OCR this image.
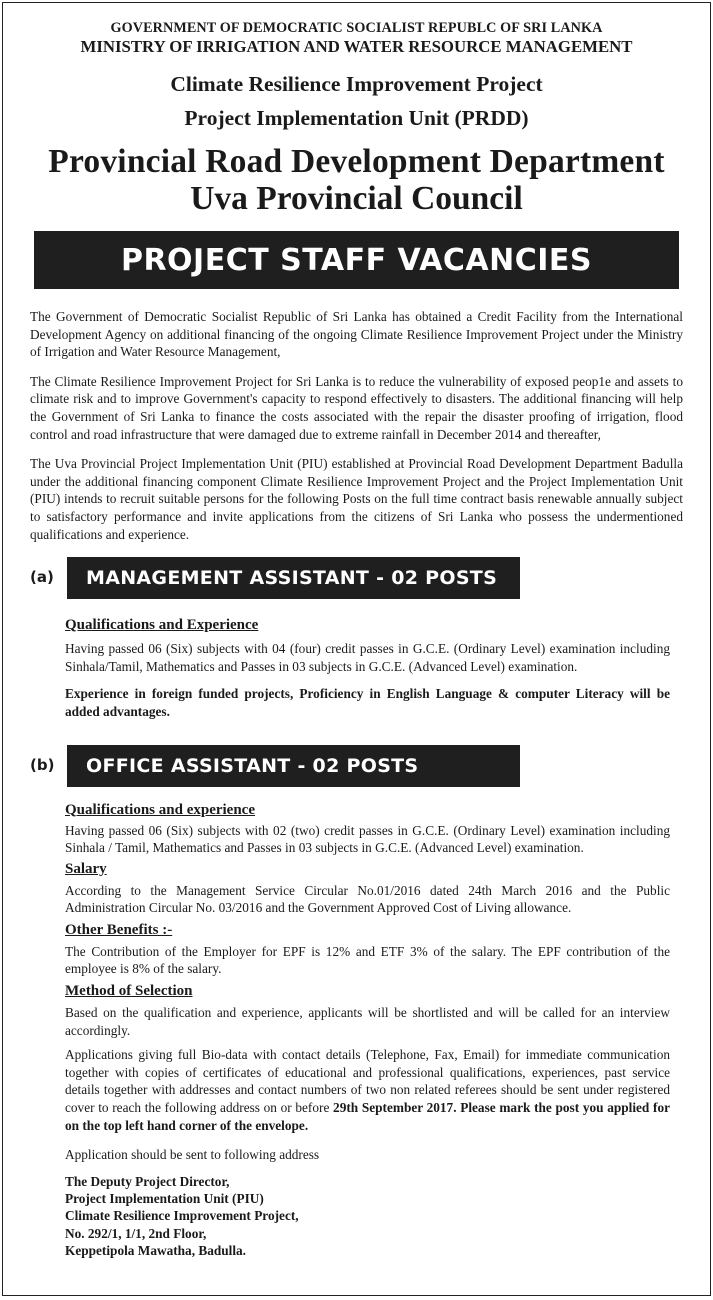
GOVERNMENT OF DEMOCRATIC SOCIALIST REPUBLC OF SRI LANKA

MINISTRY OF IRRIGATION AND WATER RESOURCE MANAGEMENT

Climate Resilience Improvement Project

Project Implementation Unit (PRDD)

Provincial Road Development Department

Uva Provincial Council

PROJECT STAFF VACANCIES

The Government of Democratic Socialist Republic of Sri Lanka has obtained a Credit Facility from the International Development Agency on additional financing of the ongoing Climate Resilience Improvement Project under the Ministry of Irrigation and Water Resource Management,

The Climate Resilience Improvement Project for Sri Lanka is to reduce the vulnerability of exposed peop1e and assets to climate risk and to improve Government's capacity to respond effectively to disasters. The additional financing will help the Government of Sri Lanka to finance the costs associated with the repair the disaster proofing of irrigation, flood control and road infrastructure that were damaged due to extreme rainfall in December 2014 and thereafter,

The Uva Provincial Project Implementation Unit (PIU) established at Provincial Road Development Department Badulla under the additional financing component Climate Resilience Improvement Project and the Project Implementation Unit (PIU) intends to recruit suitable persons for the following Posts on the full time contract basis renewable annually subject to satisfactory performance and invite applications from the citizens of Sri Lanka who possess the undermentioned qualifications and experience.

(a)	MANAGEMENT ASSISTANT - 02 POSTS

Qualifications and Experience

Having passed 06 (Six) subjects with 04 (four) credit passes in G.C.E. (Ordinary Level) examination including Sinhala/Tamil, Mathematics and Passes in 03 subjects in G.C.E. (Advanced Level) examination.

Experience in foreign funded projects, Proficiency in English Language & computer Literacy will be added advantages.

(b)	OFFICE ASSISTANT - 02 POSTS

Qualifications and experience

Having passed 06 (Six) subjects with 02 (two) credit passes in G.C.E. (Ordinary Level) examination including Sinhala / Tamil, Mathematics and Passes in 03 subjects in G.C.E. (Advanced Level) examination.

Salary

According to the Management Service Circular No.01/2016 dated 24th March 2016 and the Public Administration Circular No. 03/2016 and the Government Approved Cost of Living allowance.

Other Benefits :-

The Contribution of the Employer for EPF is 12% and ETF 3% of the salary. The EPF contribution of the employee is 8% of the salary.

Method of Selection

Based on the qualification and experience, applicants will be shortlisted and will be called for an interview accordingly.

Applications giving full Bio-data with contact details (Telephone, Fax, Email) for immediate communication together with copies of certificates of educational and professional qualifications, experiences, past service details together with addresses and contact numbers of two non related referees should be sent under registered cover to reach the following address on or before 29th September 2017. Please mark the post you applied for on the top left hand corner of the envelope.

Application should be sent to following address

The Deputy Project Director,

Project Implementation Unit (PIU)

Climate Resilience Improvement Project,

No. 292/1, 1/1, 2nd Floor,

Keppetipola Mawatha, Badulla.
